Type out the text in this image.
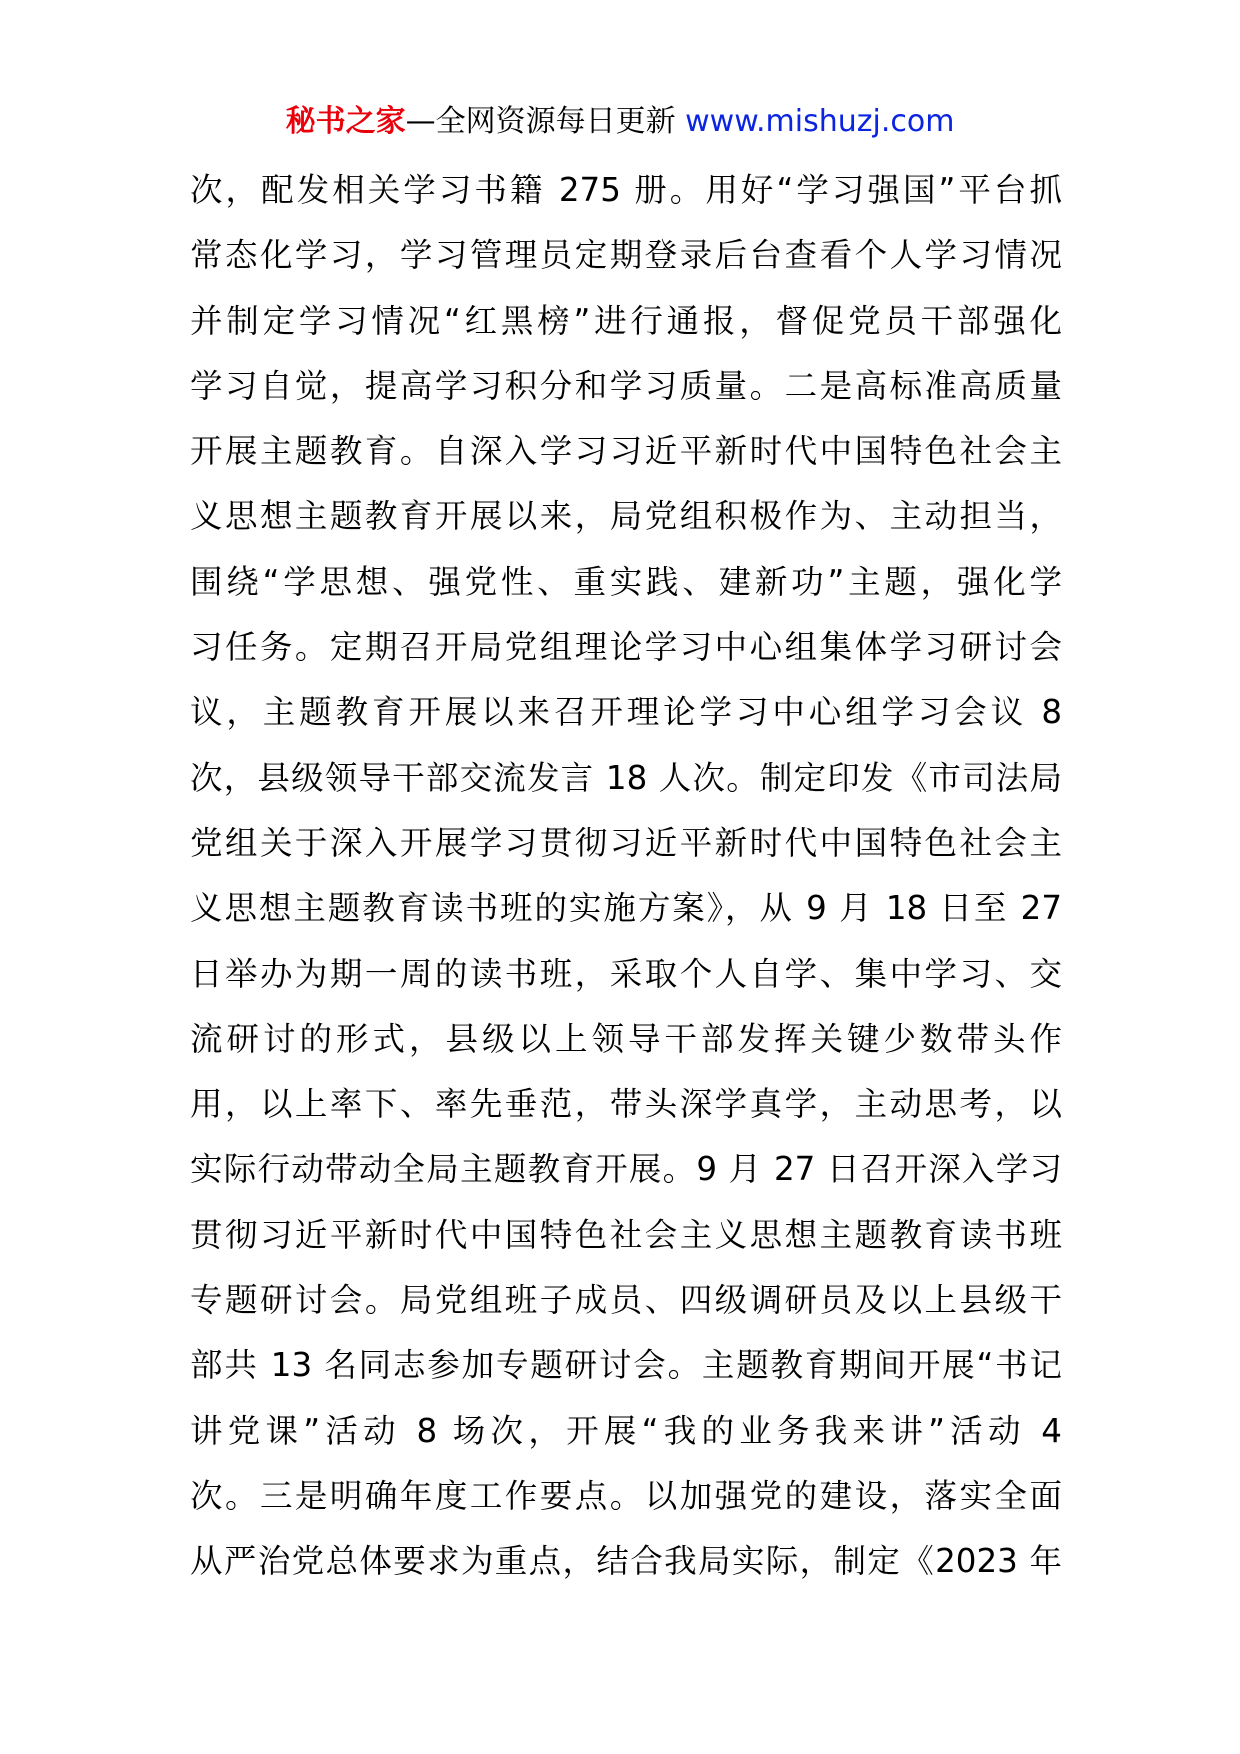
秘书之家—全网资源每日更新 www.mishuzj.com
次，配发相关学习书籍 275 册。用好“学习强国”平台抓
常态化学习，学习管理员定期登录后台查看个人学习情况
并制定学习情况“红黑榜”进行通报，督促党员干部强化
学习自觉，提高学习积分和学习质量。二是高标准高质量
开展主题教育。自深入学习习近平新时代中国特色社会主
义思想主题教育开展以来，局党组积极作为、主动担当，
围绕“学思想、强党性、重实践、建新功”主题，强化学
习任务。定期召开局党组理论学习中心组集体学习研讨会
议，主题教育开展以来召开理论学习中心组学习会议 8
次，县级领导干部交流发言 18 人次。制定印发《市司法局
党组关于深入开展学习贯彻习近平新时代中国特色社会主
义思想主题教育读书班的实施方案》，从 9 月 18 日至 27
日举办为期一周的读书班，采取个人自学、集中学习、交
流研讨的形式，县级以上领导干部发挥关键少数带头作
用，以上率下、率先垂范，带头深学真学，主动思考，以
实际行动带动全局主题教育开展。9 月 27 日召开深入学习
贯彻习近平新时代中国特色社会主义思想主题教育读书班
专题研讨会。局党组班子成员、四级调研员及以上县级干
部共 13 名同志参加专题研讨会。主题教育期间开展“书记
讲党课”活动 8 场次，开展“我的业务我来讲”活动 4
次。三是明确年度工作要点。以加强党的建设，落实全面
从严治党总体要求为重点，结合我局实际，制定《2023 年
